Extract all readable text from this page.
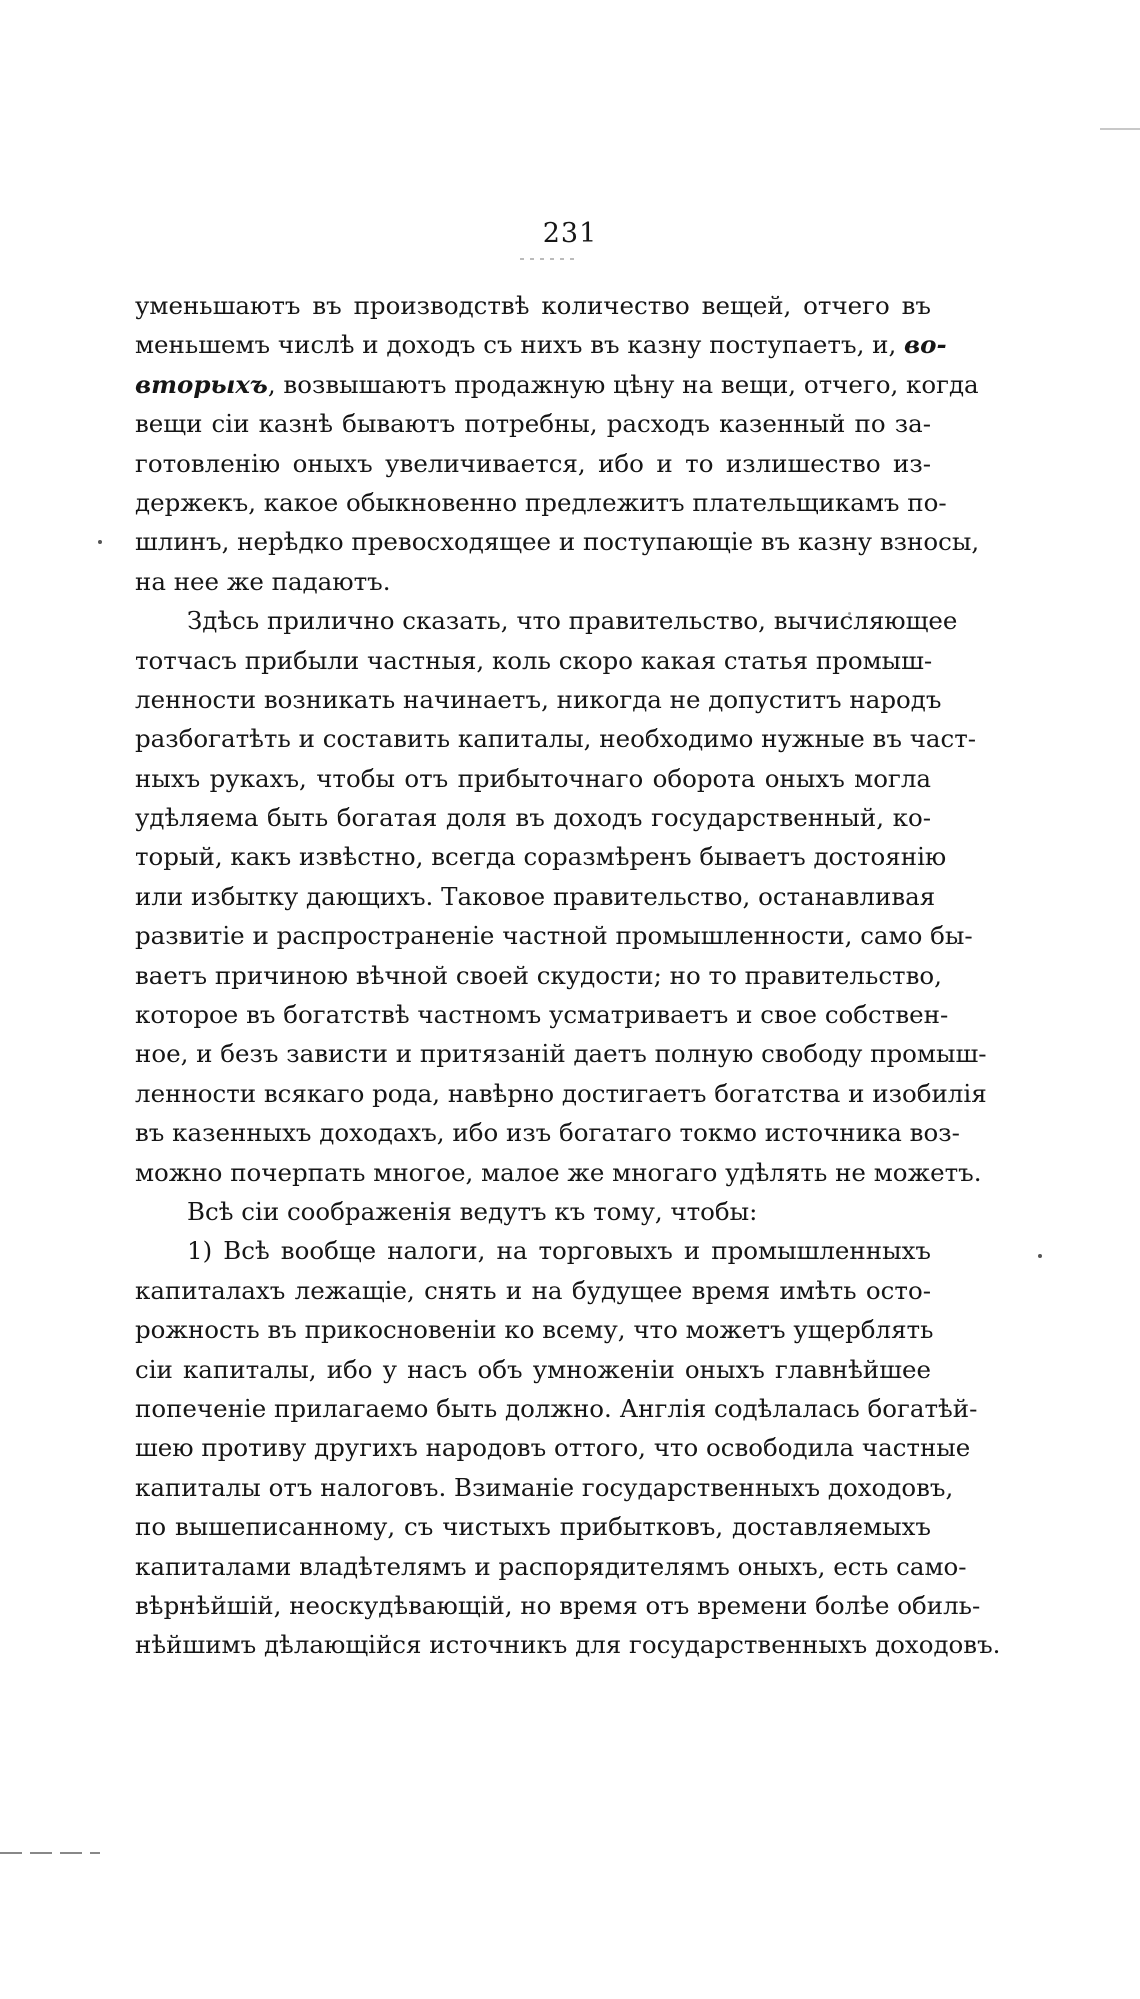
231
уменьшаютъ въ производствѣ количество вещей, отчего въ
меньшемъ числѣ и доходъ съ нихъ въ казну поступаетъ, и, во-
вторыхъ, возвышаютъ продажную цѣну на вещи, отчего, когда
вещи сіи казнѣ бываютъ потребны, расходъ казенный по за-
готовленію оныхъ увеличивается, ибо и то излишество из-
держекъ, какое обыкновенно предлежитъ плательщикамъ по-
шлинъ, нерѣдко превосходящее и поступающіе въ казну взносы,
на нее же падаютъ.
Здѣсь прилично сказать, что правительство, вычисляющее
тотчасъ прибыли частныя, коль скоро какая статья промыш-
ленности возникать начинаетъ, никогда не допуститъ народъ
разбогатѣть и составить капиталы, необходимо нужные въ част-
ныхъ рукахъ, чтобы отъ прибыточнаго оборота оныхъ могла
удѣляема быть богатая доля въ доходъ государственный, ко-
торый, какъ извѣстно, всегда соразмѣренъ бываетъ достоянію
или избытку дающихъ. Таковое правительство, останавливая
развитіе и распространеніе частной промышленности, само бы-
ваетъ причиною вѣчной своей скудости; но то правительство,
которое въ богатствѣ частномъ усматриваетъ и свое собствен-
ное, и безъ зависти и притязаній даетъ полную свободу промыш-
ленности всякаго рода, навѣрно достигаетъ богатства и изобилія
въ казенныхъ доходахъ, ибо изъ богатаго токмо источника воз-
можно почерпать многое, малое же многаго удѣлять не можетъ.
Всѣ сіи соображенія ведутъ къ тому, чтобы:
1) Всѣ вообще налоги, на торговыхъ и промышленныхъ
капиталахъ лежащіе, снять и на будущее время имѣть осто-
рожность въ прикосновеніи ко всему, что можетъ ущерблять
сіи капиталы, ибо у насъ объ умноженіи оныхъ главнѣйшее
попеченіе прилагаемо быть должно. Англія содѣлалась богатѣй-
шею противу другихъ народовъ оттого, что освободила частные
капиталы отъ налоговъ. Взиманіе государственныхъ доходовъ,
по вышеписанному, съ чистыхъ прибытковъ, доставляемыхъ
капиталами владѣтелямъ и распорядителямъ оныхъ, есть само-
вѣрнѣйшій, неоскудѣвающій, но время отъ времени болѣе обиль-
нѣйшимъ дѣлающійся источникъ для государственныхъ доходовъ.
